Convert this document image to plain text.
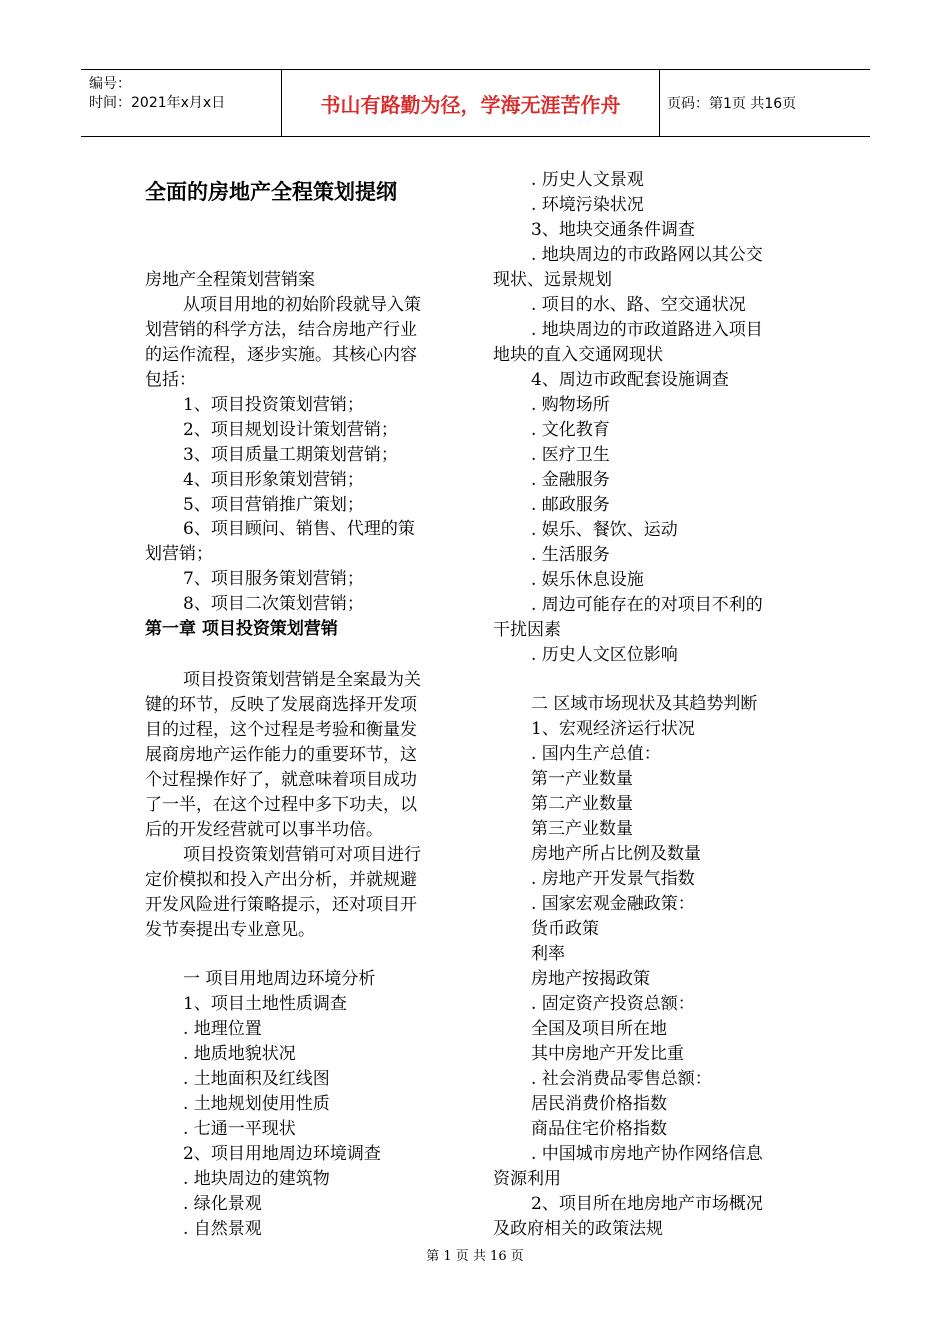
编号：
时间：2021年x月x日	书山有路勤为径，学海无涯苦作舟	页码：第1页 共16页
全面的房地产全程策划提纲
房地产全程策划营销案
从项目用地的初始阶段就导入策
划营销的科学方法，结合房地产行业
的运作流程，逐步实施。其核心内容
包括：
1、项目投资策划营销；
2、项目规划设计策划营销；
3、项目质量工期策划营销；
4、项目形象策划营销；
5、项目营销推广策划；
6、项目顾问、销售、代理的策
划营销；
7、项目服务策划营销；
8、项目二次策划营销；
第一章 项目投资策划营销
项目投资策划营销是全案最为关
键的环节，反映了发展商选择开发项
目的过程，这个过程是考验和衡量发
展商房地产运作能力的重要环节，这
个过程操作好了，就意味着项目成功
了一半，在这个过程中多下功夫，以
后的开发经营就可以事半功倍。
项目投资策划营销可对项目进行
定价模拟和投入产出分析，并就规避
开发风险进行策略提示，还对项目开
发节奏提出专业意见。
一 项目用地周边环境分析
1、项目土地性质调查
. 地理位置
. 地质地貌状况
. 土地面积及红线图
. 土地规划使用性质
. 七通一平现状
2、项目用地周边环境调查
. 地块周边的建筑物
. 绿化景观
. 自然景观
. 历史人文景观
. 环境污染状况
3、地块交通条件调查
. 地块周边的市政路网以其公交
现状、远景规划
. 项目的水、路、空交通状况
. 地块周边的市政道路进入项目
地块的直入交通网现状
4、周边市政配套设施调查
. 购物场所
. 文化教育
. 医疗卫生
. 金融服务
. 邮政服务
. 娱乐、餐饮、运动
. 生活服务
. 娱乐休息设施
. 周边可能存在的对项目不利的
干扰因素
. 历史人文区位影响
二 区域市场现状及其趋势判断
1、宏观经济运行状况
. 国内生产总值：
第一产业数量
第二产业数量
第三产业数量
房地产所占比例及数量
. 房地产开发景气指数
. 国家宏观金融政策：
货币政策
利率
房地产按揭政策
. 固定资产投资总额：
全国及项目所在地
其中房地产开发比重
. 社会消费品零售总额：
居民消费价格指数
商品住宅价格指数
. 中国城市房地产协作网络信息
资源利用
2、项目所在地房地产市场概况
及政府相关的政策法规
第 1 页 共 16 页
